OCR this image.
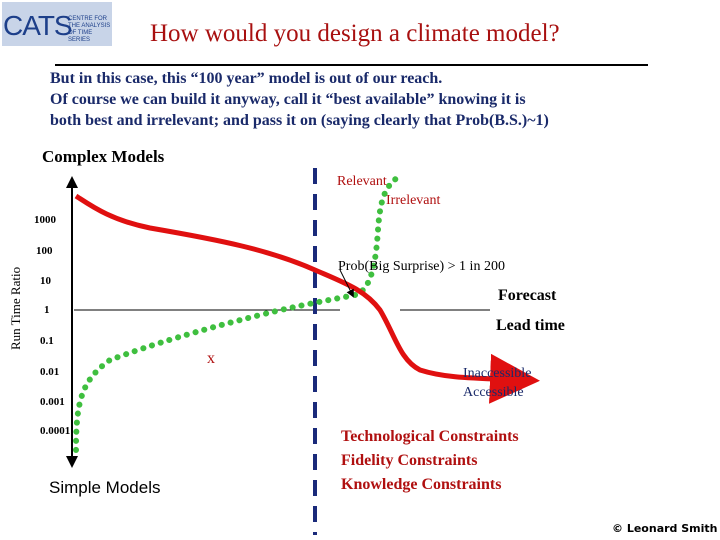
CATS
CENTRE FOR THE ANALYSIS OF TIME SERIES	How would you design a climate model?
But in this case, this “100 year” model is out of our reach.
Of course we can build it anyway, call it “best available” knowing it is
both best and irrelevant; and pass it on (saying clearly that Prob(B.S.)~1)
Complex Models
Run Time Ratio
1000
100
10
1
0.1
0.01
0.001
0.0001
Relevant
Irrelevant
Prob(Big Surprise) > 1 in 200
Forecast
Lead time
x
Inaccessible
Accessible
Technological Constraints
Fidelity Constraints
Knowledge Constraints
Simple Models
© Leonard Smith
